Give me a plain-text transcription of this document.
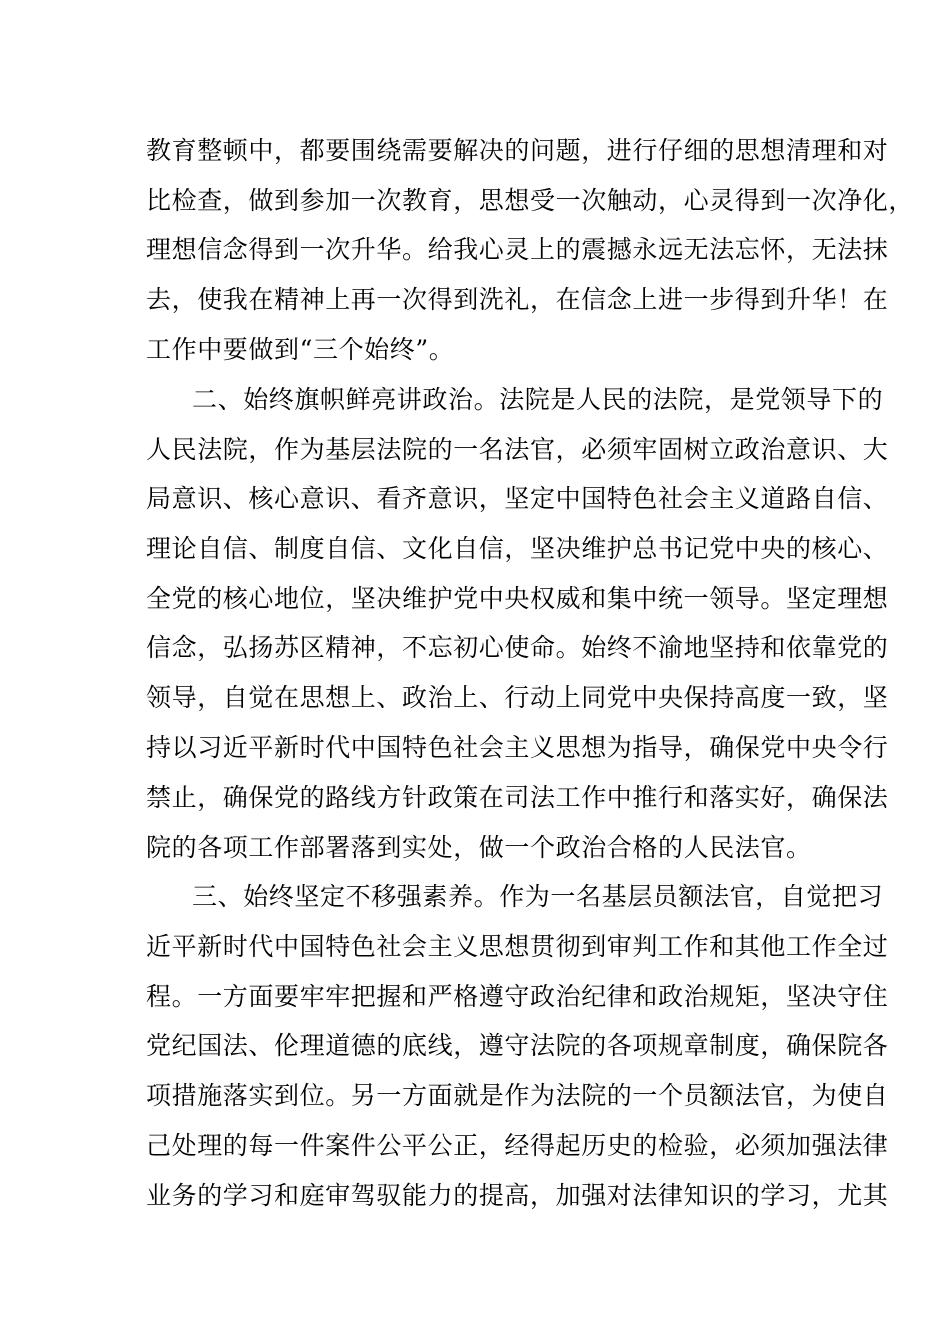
教育整顿中，都要围绕需要解决的问题，进行仔细的思想清理和对
比检查，做到参加一次教育，思想受一次触动，心灵得到一次净化，
理想信念得到一次升华。给我心灵上的震撼永远无法忘怀，无法抹
去，使我在精神上再一次得到洗礼，在信念上进一步得到升华！在
工作中要做到“三个始终”。
二、始终旗帜鲜亮讲政治。法院是人民的法院，是党领导下的
人民法院，作为基层法院的一名法官，必须牢固树立政治意识、大
局意识、核心意识、看齐意识，坚定中国特色社会主义道路自信、
理论自信、制度自信、文化自信，坚决维护总书记党中央的核心、
全党的核心地位，坚决维护党中央权威和集中统一领导。坚定理想
信念，弘扬苏区精神，不忘初心使命。始终不渝地坚持和依靠党的
领导，自觉在思想上、政治上、行动上同党中央保持高度一致，坚
持以习近平新时代中国特色社会主义思想为指导，确保党中央令行
禁止，确保党的路线方针政策在司法工作中推行和落实好，确保法
院的各项工作部署落到实处，做一个政治合格的人民法官。
三、始终坚定不移强素养。作为一名基层员额法官，自觉把习
近平新时代中国特色社会主义思想贯彻到审判工作和其他工作全过
程。一方面要牢牢把握和严格遵守政治纪律和政治规矩，坚决守住
党纪国法、伦理道德的底线，遵守法院的各项规章制度，确保院各
项措施落实到位。另一方面就是作为法院的一个员额法官，为使自
己处理的每一件案件公平公正，经得起历史的检验，必须加强法律
业务的学习和庭审驾驭能力的提高，加强对法律知识的学习，尤其
